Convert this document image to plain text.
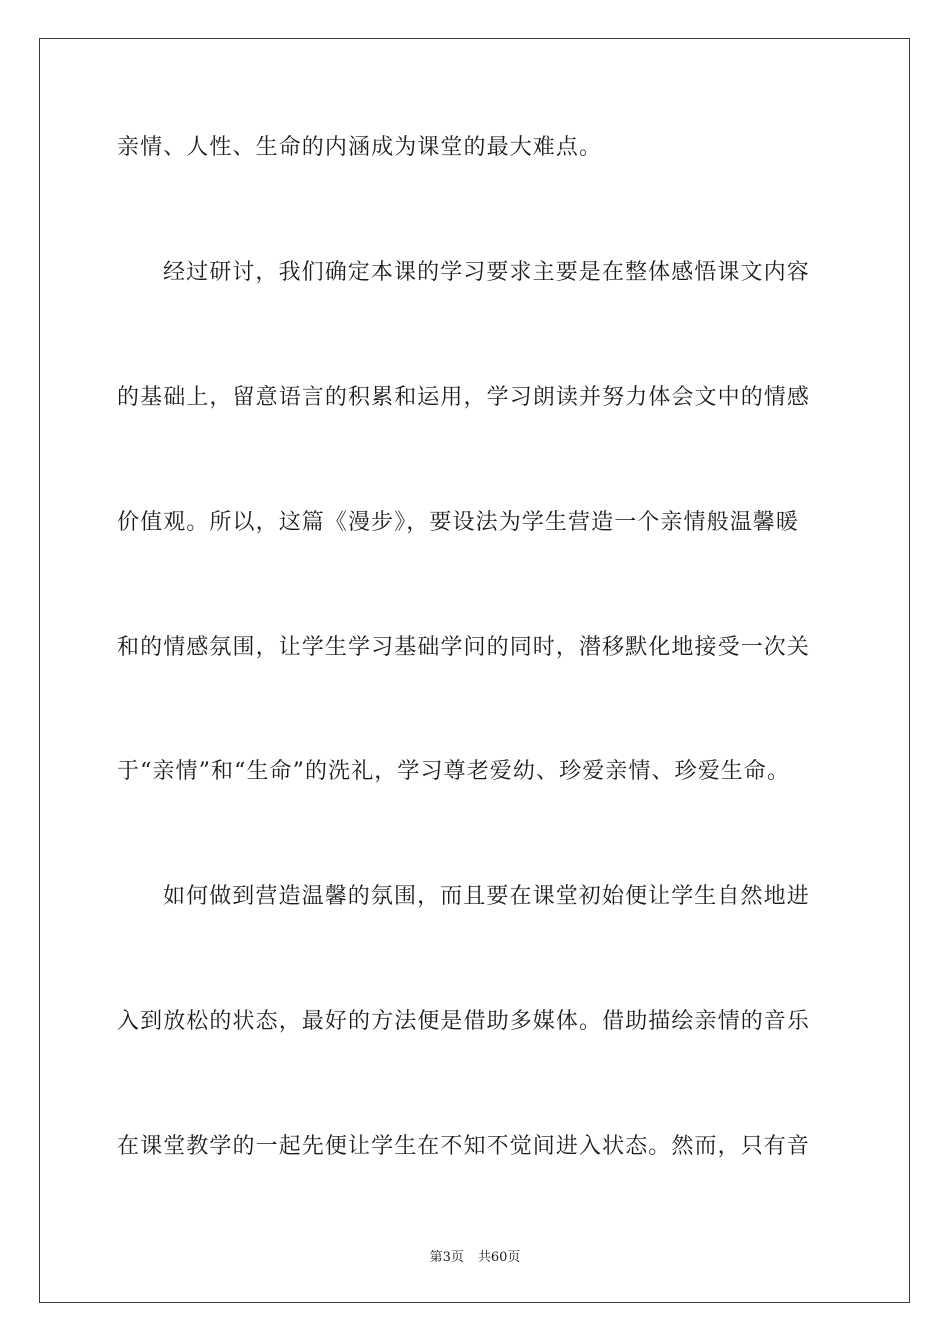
亲情、人性、生命的内涵成为课堂的最大难点。

经过研讨，我们确定本课的学习要求主要是在整体感悟课文内容

的基础上，留意语言的积累和运用，学习朗读并努力体会文中的情感

价值观。所以，这篇《漫步》，要设法为学生营造一个亲情般温馨暖

和的情感氛围，让学生学习基础学问的同时，潜移默化地接受一次关

于“亲情”和“生命”的洗礼，学习尊老爱幼、珍爱亲情、珍爱生命。

如何做到营造温馨的氛围，而且要在课堂初始便让学生自然地进

入到放松的状态，最好的方法便是借助多媒体。借助描绘亲情的音乐

在课堂教学的一起先便让学生在不知不觉间进入状态。然而，只有音

第3页 共60页
